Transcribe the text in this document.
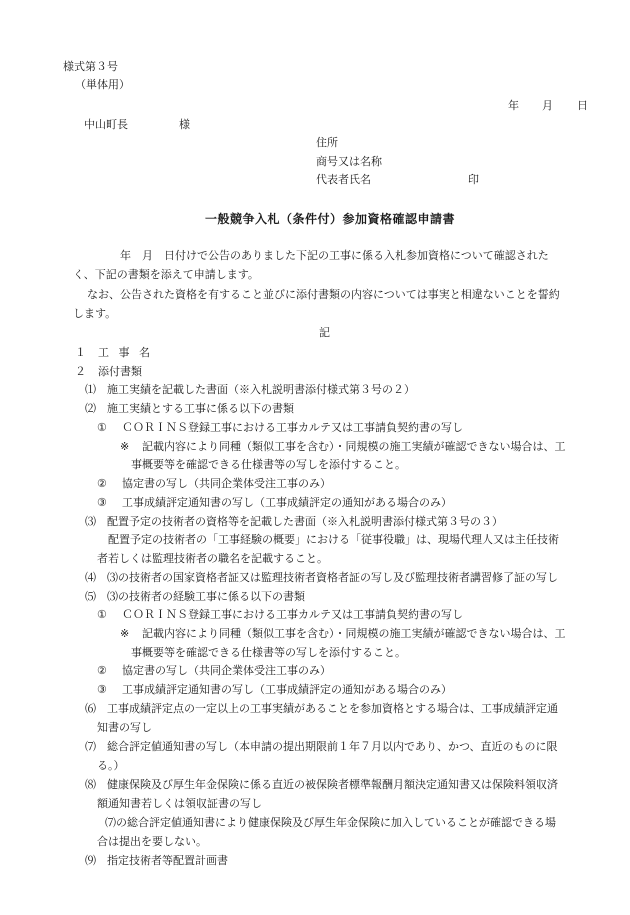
様式第３号
（単体用）
年 月 日
中山町長	様
住所
商号又は名称
代表者氏名	印
一般競争入札（条件付）参加資格確認申請書
年　月　日付けで公告のありました下記の工事に係る入札参加資格について確認された
く、下記の書類を添えて申請します。
なお、公告された資格を有すること並びに添付書類の内容については事実と相違ないことを誓約
します。
記
１ 工 事 名
２ 添付書類
⑴ 施工実績を記載した書面（※入札説明書添付様式第３号の２）
⑵ 施工実績とする工事に係る以下の書類
① ＣＯＲＩＮＳ登録工事における工事カルテ又は工事請負契約書の写し
※ 記載内容により同種（類似工事を含む）・同規模の施工実績が確認できない場合は、工
事概要等を確認できる仕様書等の写しを添付すること。
② 協定書の写し（共同企業体受注工事のみ）
③ 工事成績評定通知書の写し（工事成績評定の通知がある場合のみ）
⑶ 配置予定の技術者の資格等を記載した書面（※入札説明書添付様式第３号の３）
配置予定の技術者の「工事経験の概要」における「従事役職」は、現場代理人又は主任技術
者若しくは監理技術者の職名を記載すること。
⑷ ⑶の技術者の国家資格者証又は監理技術者資格者証の写し及び監理技術者講習修了証の写し
⑸ ⑶の技術者の経験工事に係る以下の書類
① ＣＯＲＩＮＳ登録工事における工事カルテ又は工事請負契約書の写し
※ 記載内容により同種（類似工事を含む）・同規模の施工実績が確認できない場合は、工
事概要等を確認できる仕様書等の写しを添付すること。
② 協定書の写し（共同企業体受注工事のみ）
③ 工事成績評定通知書の写し（工事成績評定の通知がある場合のみ）
⑹ 工事成績評定点の一定以上の工事実績があることを参加資格とする場合は、工事成績評定通
知書の写し
⑺ 総合評定値通知書の写し（本申請の提出期限前１年７月以内であり、かつ、直近のものに限
る。）
⑻ 健康保険及び厚生年金保険に係る直近の被保険者標準報酬月額決定通知書又は保険料領収済
額通知書若しくは領収証書の写し
⑺の総合評定値通知書により健康保険及び厚生年金保険に加入していることが確認できる場
合は提出を要しない。
⑼ 指定技術者等配置計画書
